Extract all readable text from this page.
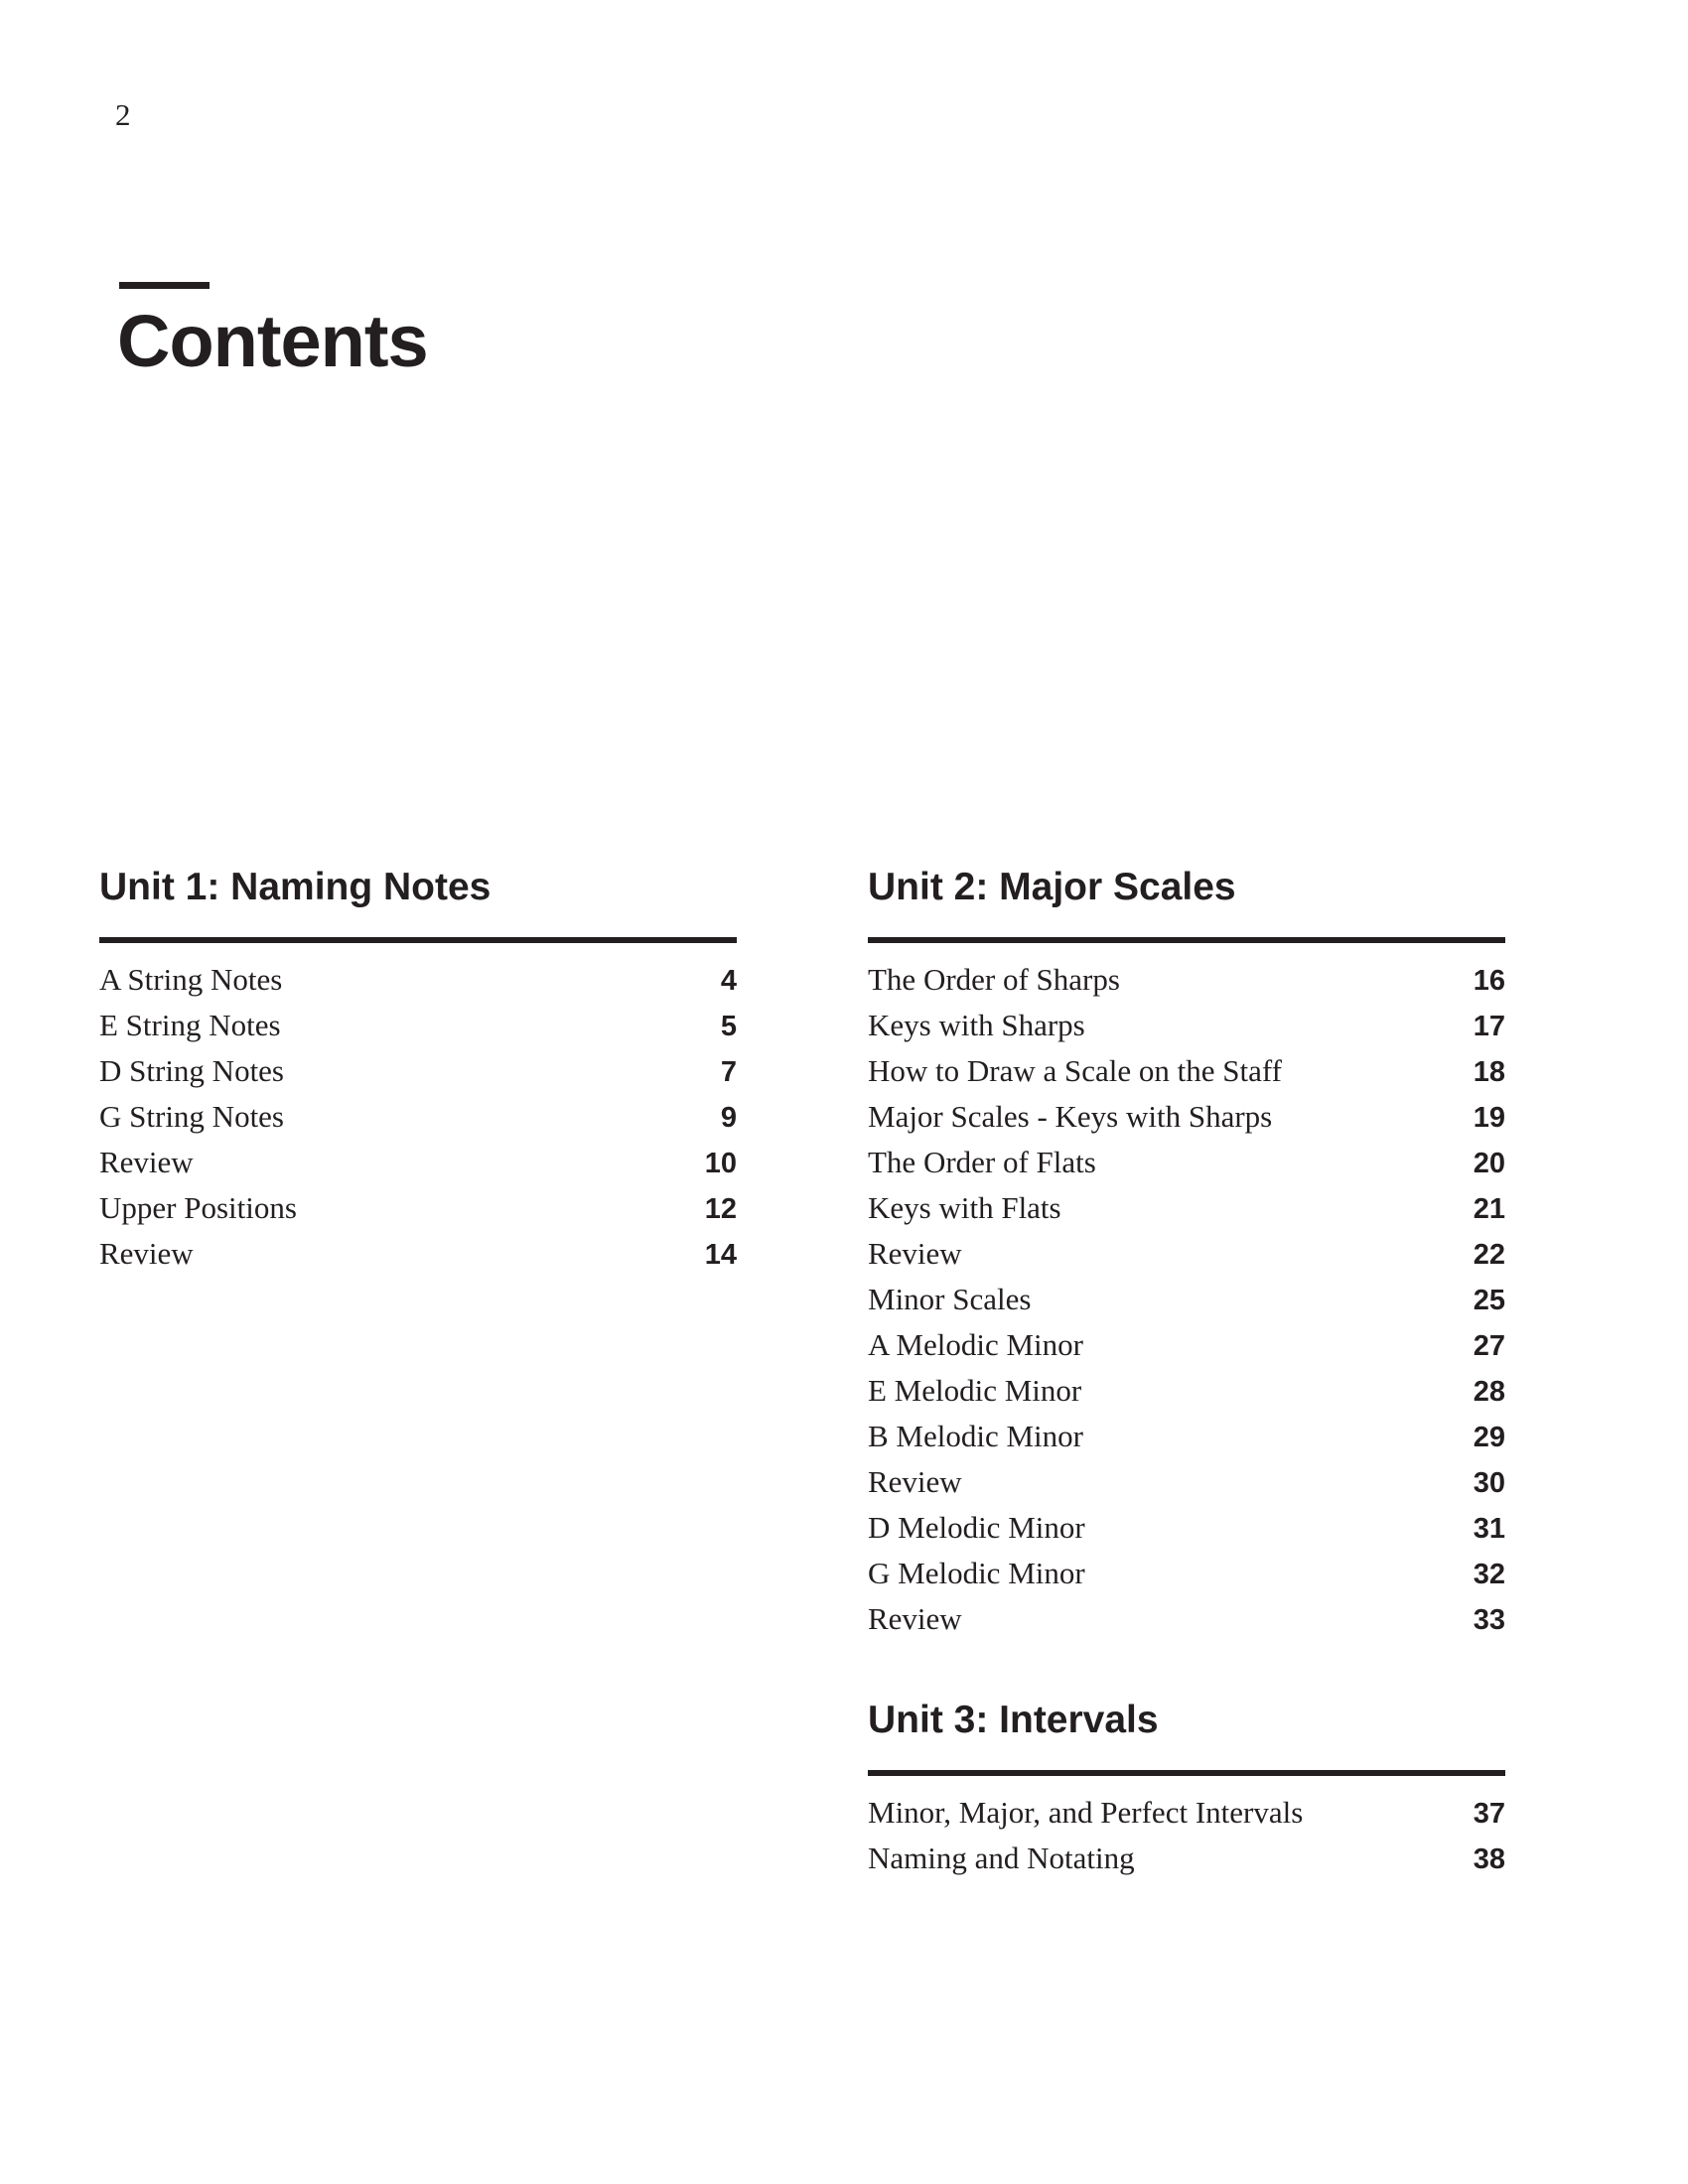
2
Contents
Unit 1: Naming Notes
A String Notes	4
E String Notes	5
D String Notes	7
G String Notes	9
Review	10
Upper Positions	12
Review	14
Unit 2: Major Scales
The Order of Sharps	16
Keys with Sharps	17
How to Draw a Scale on the Staff	18
Major Scales - Keys with Sharps	19
The Order of Flats	20
Keys with Flats	21
Review	22
Minor Scales	25
A Melodic Minor	27
E Melodic Minor	28
B Melodic Minor	29
Review	30
D Melodic Minor	31
G Melodic Minor	32
Review	33
Unit 3: Intervals
Minor, Major, and Perfect Intervals	37
Naming and Notating	38
